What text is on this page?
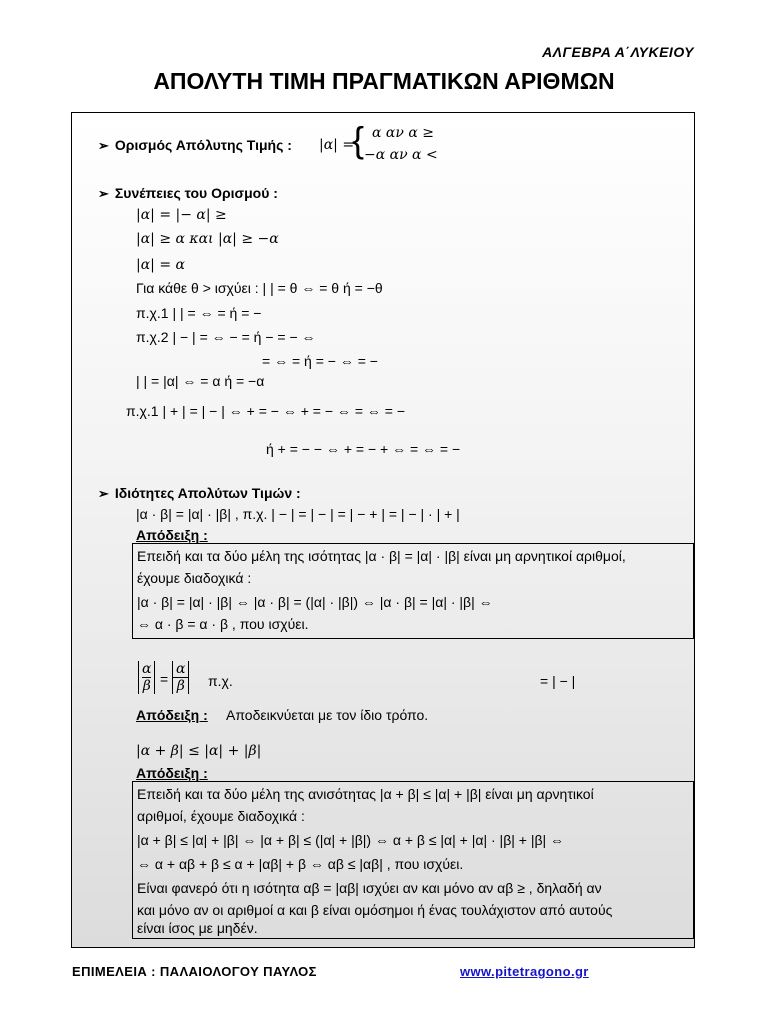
ΑΛΓΕΒΡΑ Α΄ΛΥΚΕΙΟΥ
ΑΠΟΛΥΤΗ ΤΙΜΗ ΠΡΑΓΜΑΤΙΚΩΝ ΑΡΙΘΜΩΝ
➢ Ορισμός Απόλυτης Τιμής : |α| =
{ α αν α ≥
−α αν α <
➢ Συνέπειες του Ορισμού :
|α| = |− α| ≥
|α| ≥ α και |α| ≥ −α
|α| = α
Για κάθε θ > ισχύει : | | = θ ⇔ = θ ή = −θ
π.χ.1 | | = ⇔ = ή = −
π.χ.2 | − | = ⇔ − = ή − = − ⇔
= ⇔ = ή = − ⇔ = −
| | = |α| ⇔ = α ή = −α
π.χ.1 | + | = | − | ⇔ + = − ⇔ + = − ⇔ = ⇔ = −
ή + = − − ⇔ + = − + ⇔ = ⇔ = −
➢ Ιδιότητες Απολύτων Τιμών :
|α · β| = |α| · |β| , π.χ. | − | = | − | = | − + | = | − | · | + |
Απόδειξη :
Επειδή και τα δύο μέλη της ισότητας |α · β| = |α| · |β| είναι μη αρνητικοί αριθμοί,
έχουμε διαδοχικά :
|α · β| = |α| · |β| ⇔ |α · β| = (|α| · |β|) ⇔ |α · β| = |α| · |β| ⇔
⇔ α · β = α · β , που ισχύει.
$\frac{\alpha}{\beta} = \frac{\alpha}{\beta} \pi.\chi$.	= | − |
Απόδειξη : Αποδεικνύεται με τον ίδιο τρόπο.
|α + β| ≤ |α| + |β|
Απόδειξη :
Επειδή και τα δύο μέλη της ανισότητας |α + β| ≤ |α| + |β| είναι μη αρνητικοί
αριθμοί, έχουμε διαδοχικά :
|α + β| ≤ |α| + |β| ⇔ |α + β| ≤ (|α| + |β|) ⇔ α + β ≤ |α| + |α| · |β| + |β| ⇔
⇔ α + αβ + β ≤ α + |αβ| + β ⇔ αβ ≤ |αβ| , που ισχύει.
Είναι φανερό ότι η ισότητα αβ = |αβ| ισχύει αν και μόνο αν αβ ≥ , δηλαδή αν
και μόνο αν οι αριθμοί α και β είναι ομόσημοι ή ένας τουλάχιστον από αυτούς
είναι ίσος με μηδέν.
ΕΠΙΜΕΛΕΙΑ : ΠΑΛΑΙΟΛΟΓΟΥ ΠΑΥΛΟΣ	www.pitetragono.gr
